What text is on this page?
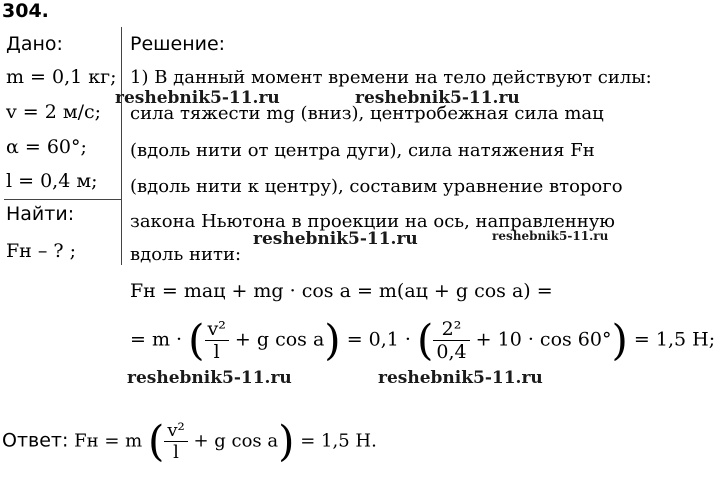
304.
Дано:
m = 0,1 кг;
v = 2 м/с;
α = 60°;
l = 0,4 м;
Найти:
Fн – ? ;
Решение:
1) В данный момент времени на тело действуют силы:
сила тяжести mg (вниз), центробежная сила maц
(вдоль нити от центра дуги), сила натяжения Fн
(вдоль нити к центру), составим уравнение второго
закона Ньютона в проекции на ось, направленную
вдоль нити:
Fн = maц + mg · cos a = m(aц + g cos a) =
= m · ( $\frac{\text{v²}}{l} + g$ cos a) = 0,1 · ( $\frac{\text{2²}}{0,4} + 10 \cdot \cos 60^\circ) = 1,5$ Н;
Ответ: Fн = m ( $\frac{\text{v²}}{l} + g$ cos a) = 1,5 Н.
reshebnik5-11.ru	reshebnik5-11.ru
reshebnik5-11.ru	reshebnik5-11.ru
reshebnik5-11.ru	reshebnik5-11.ru
